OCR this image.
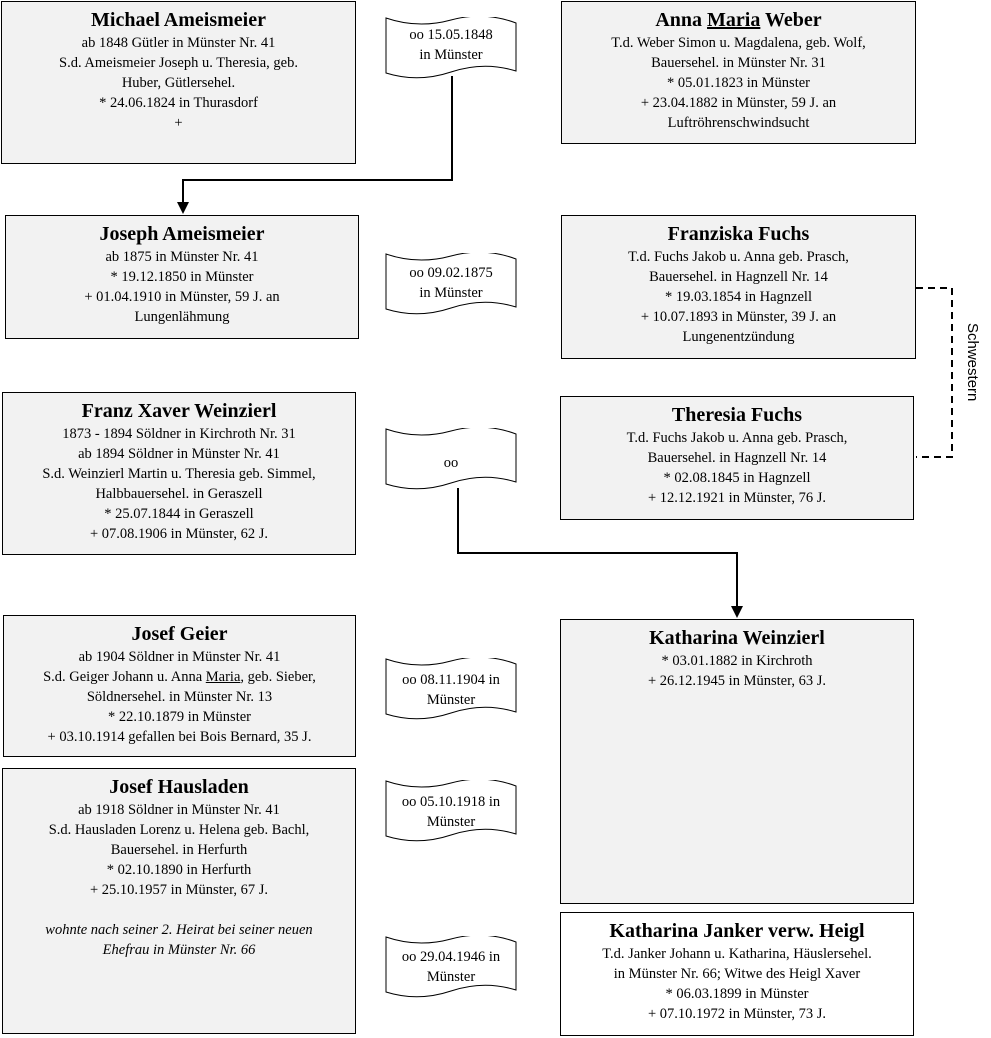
Schwestern
Michael Ameismeier
ab 1848 Gütler in Münster Nr. 41
S.d. Ameismeier Joseph u. Theresia, geb.
Huber, Gütlersehel.
* 24.06.1824 in Thurasdorf
+
Anna Maria Weber
T.d. Weber Simon u. Magdalena, geb. Wolf,
Bauersehel. in Münster Nr. 31
* 05.01.1823 in Münster
+ 23.04.1882 in Münster, 59 J. an
Luftröhrenschwindsucht
Joseph Ameismeier
ab 1875 in Münster Nr. 41
* 19.12.1850 in Münster
+ 01.04.1910 in Münster, 59 J. an
Lungenlähmung
Franziska Fuchs
T.d. Fuchs Jakob u. Anna geb. Prasch,
Bauersehel. in Hagnzell Nr. 14
* 19.03.1854 in Hagnzell
+ 10.07.1893 in Münster, 39 J. an
Lungenentzündung
Franz Xaver Weinzierl
1873 - 1894 Söldner in Kirchroth Nr. 31
ab 1894 Söldner in Münster Nr. 41
S.d. Weinzierl Martin u. Theresia geb. Simmel,
Halbbauersehel. in Geraszell
* 25.07.1844 in Geraszell
+ 07.08.1906 in Münster, 62 J.
Theresia Fuchs
T.d. Fuchs Jakob u. Anna geb. Prasch,
Bauersehel. in Hagnzell Nr. 14
* 02.08.1845 in Hagnzell
+ 12.12.1921 in Münster, 76 J.
Josef Geier
ab 1904 Söldner in Münster Nr. 41
S.d. Geiger Johann u. Anna Maria, geb. Sieber,
Söldnersehel. in Münster Nr. 13
* 22.10.1879 in Münster
+ 03.10.1914 gefallen bei Bois Bernard, 35 J.
Katharina Weinzierl
* 03.01.1882 in Kirchroth
+ 26.12.1945 in Münster, 63 J.
Josef Hausladen
ab 1918 Söldner in Münster Nr. 41
S.d. Hausladen Lorenz u. Helena geb. Bachl,
Bauersehel. in Herfurth
* 02.10.1890 in Herfurth
+ 25.10.1957 in Münster, 67 J.
wohnte nach seiner 2. Heirat bei seiner neuen
Ehefrau in Münster Nr. 66
Katharina Janker verw. Heigl
T.d. Janker Johann u. Katharina, Häuslersehel.
in Münster Nr. 66; Witwe des Heigl Xaver
* 06.03.1899 in Münster
+ 07.10.1972 in Münster, 73 J.
oo 15.05.1848
in Münster
oo 09.02.1875
in Münster
oo
oo 08.11.1904 in
Münster
oo 05.10.1918 in
Münster
oo 29.04.1946 in
Münster
